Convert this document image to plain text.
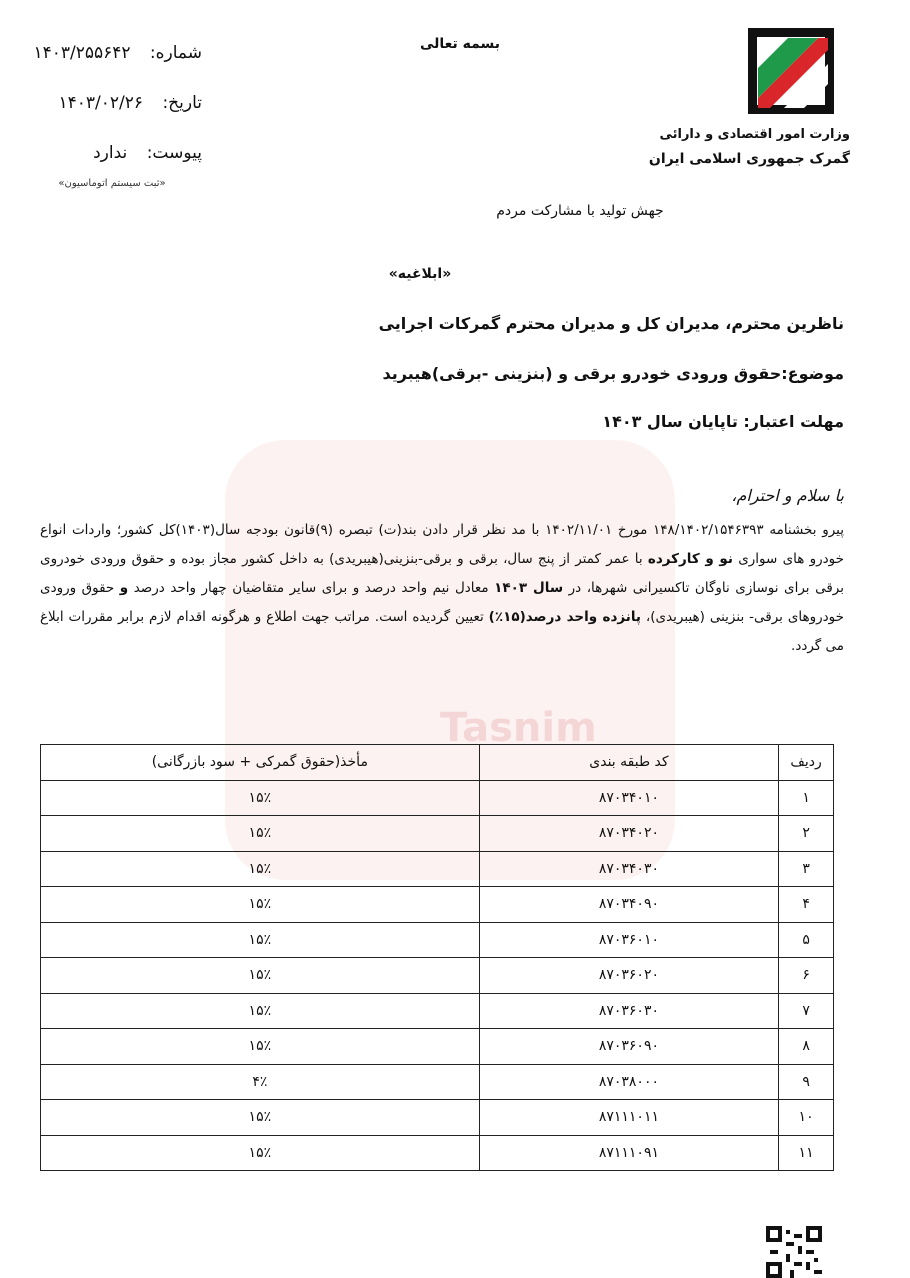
Tasnim
شماره: ۱۴۰۳/۲۵۵۶۴۲
تاریخ: ۱۴۰۳/۰۲/۲۶
پیوست: ندارد
«ثبت سیستم اتوماسیون»
بسمه تعالی
وزارت امور اقتصادی و دارائی
گمرک جمهوری اسلامی ایران
جهش تولید با مشارکت مردم
«ابلاغیه»
ناظرین محترم، مدیران کل و مدیران محترم گمرکات اجرایی
موضوع:حقوق ورودی خودرو برقی و (بنزینی -برقی)هیبرید
مهلت اعتبار: تاپایان سال ۱۴۰۳
با سلام و احترام،
پیرو بخشنامه ۱۴۸/۱۴۰۲/۱۵۴۶۳۹۳ مورخ ۱۴۰۲/۱۱/۰۱ با مد نظر قرار دادن بند(ت) تبصره (۹)قانون بودجه سال(۱۴۰۳)کل کشور؛ واردات انواع خودرو های سواری نو و کارکرده با عمر کمتر از پنج سال، برقی و برقی-بنزینی(هیبریدی) به داخل کشور مجاز بوده و حقوق ورودی خودروی برقی برای نوسازی ناوگان تاکسیرانی شهرها، در سال ۱۴۰۳ معادل نیم واحد درصد و برای سایر متقاضیان چهار واحد درصد و حقوق ورودی خودروهای برقی- بنزینی (هیبریدی)، پانزده واحد درصد(۱۵٪) تعیین گردیده است. مراتب جهت اطلاع و هرگونه اقدام لازم برابر مقررات ابلاغ می گردد.
ردیف	کد طبقه بندی	مأخذ(حقوق گمرکی + سود بازرگانی)
۱	۸۷۰۳۴۰۱۰	۱۵٪
۲	۸۷۰۳۴۰۲۰	۱۵٪
۳	۸۷۰۳۴۰۳۰	۱۵٪
۴	۸۷۰۳۴۰۹۰	۱۵٪
۵	۸۷۰۳۶۰۱۰	۱۵٪
۶	۸۷۰۳۶۰۲۰	۱۵٪
۷	۸۷۰۳۶۰۳۰	۱۵٪
۸	۸۷۰۳۶۰۹۰	۱۵٪
۹	۸۷۰۳۸۰۰۰	۴٪
۱۰	۸۷۱۱۱۰۱۱	۱۵٪
۱۱	۸۷۱۱۱۰۹۱	۱۵٪
